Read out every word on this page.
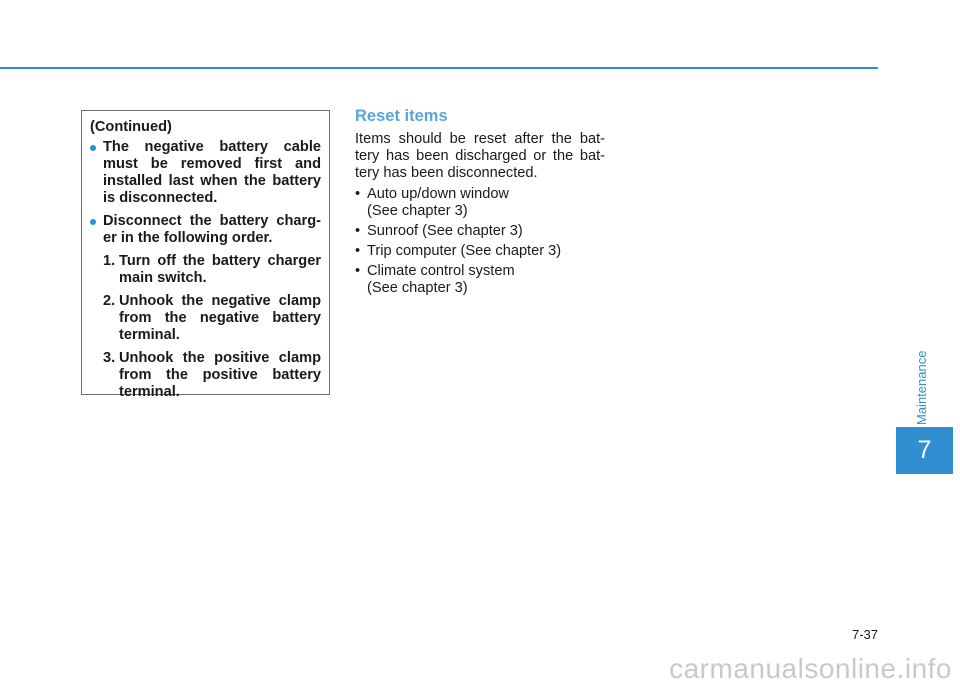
(Continued)

The negative battery cable must be removed first and installed last when the battery is disconnected.

Disconnect the battery charg-er in the following order.

1. Turn off the battery charger main switch.
2. Unhook the negative clamp from the negative battery terminal.
3. Unhook the positive clamp from the positive battery terminal.
Reset items

Items should be reset after the bat-tery has been discharged or the bat-tery has been disconnected.

• Auto up/down window
(See chapter 3)
• Sunroof (See chapter 3)
• Trip computer (See chapter 3)
• Climate control system
(See chapter 3)
Maintenance
7
7-37
carmanualsonline.info
